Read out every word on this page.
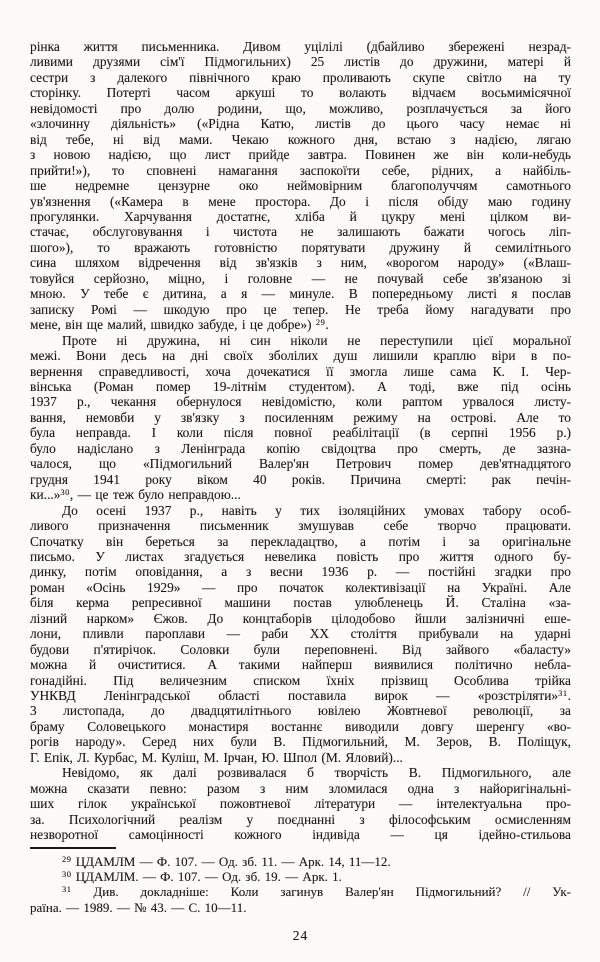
рінка життя письменника. Дивом уцілілі (дбайливо збережені незрад-
ливими друзями сім'ї Підмогильних) 25 листів до дружини, матері й
сестри з далекого північного краю проливають скупе світло на ту
сторінку. Потерті часом аркуші то волають відчаєм восьмимісячної
невідомості про долю родини, що, можливо, розплачується за його
«злочинну діяльність» («Рідна Катю, листів до цього часу немає ні
від тебе, ні від мами. Чекаю кожного дня, встаю з надією, лягаю
з новою надією, що лист прийде завтра. Повинен же він коли-небудь
прийти!»), то сповнені намагання заспокоїти себе, рідних, а найбіль-
ше недремне цензурне око неймовірним благополуччям самотнього
ув'язнення («Камера в мене простора. До і після обіду маю годину
прогулянки. Харчування достатнє, хліба й цукру мені цілком ви-
стачає, обслуговування і чистота не залишають бажати чогось ліп-
шого»), то вражають готовністю порятувати дружину й семилітнього
сина шляхом відречення від зв'язків з ним, «ворогом народу» («Влаш-
товуйся серйозно, міцно, і головне — не почувай себе зв'язаною зі
мною. У тебе є дитина, а я — минуле. В попередньому листі я послав
записку Ромі — шкодую про це тепер. Не треба йому нагадувати про
мене, він ще малий, швидко забуде, і це добре») $^{29}$.
Проте ні дружина, ні син ніколи не переступили цієї моральної
межі. Вони десь на дні своїх зболілих душ лишили краплю віри в по-
вернення справедливості, хоча дочекатися її змогла лише сама К. І. Чер-
вінська (Роман помер 19-літнім студентом). А тоді, вже під осінь
1937 р., чекання обернулося невідомістю, коли раптом урвалося листу-
вання, немовби у зв'язку з посиленням режиму на острові. Але то
була неправда. І коли після повної реабілітації (в серпні 1956 р.)
було надіслано з Ленінграда копію свідоцтва про смерть, де зазна-
чалося, що «Підмогильний Валер'ян Петрович помер дев'ятнадцятого
грудня 1941 року віком 40 років. Причина смерті: рак печін-
ки...»$^{30}$, — це теж було неправдою...
До осені 1937 р., навіть у тих ізоляційних умовах табору особ-
ливого призначення письменник змушував себе творчо працювати.
Спочатку він береться за перекладацтво, а потім і за оригінальне
письмо. У листах згадується невелика повість про життя одного бу-
динку, потім оповідання, а з весни 1936 р. — постійні згадки про
роман «Осінь 1929» — про початок колективізації на Україні. Але
біля керма репресивної машини постав улюбленець Й. Сталіна «за-
лізний нарком» Єжов. До концтаборів цілодобово йшли залізничні еше-
лони, пливли пароплави — раби XX століття прибували на ударні
будови п'ятирічок. Соловки були переповнені. Від зайвого «баласту»
можна й очиститися. А такими найперш виявилися політично небла-
гонадійні. Під величезним списком їхніх прізвищ Особлива трійка
УНКВД Ленінградської області поставила вирок — «розстріляти»$^{31}$.
3 листопада, до двадцятилітнього ювілею Жовтневої революції, за
браму Соловецького монастиря востаннє виводили довгу шеренгу «во-
рогів народу». Серед них були В. Підмогильний, М. Зеров, В. Поліщук,
Г. Епік, Л. Курбас, М. Куліш, М. Ірчан, Ю. Шпол (М. Яловий)...
Невідомо, як далі розвивалася б творчість В. Підмогильного, але
можна сказати певно: разом з ним зломилася одна з найоригінальні-
ших гілок української пожовтневої літератури — інтелектуальна про-
за. Психологічний реалізм у поєднанні з філософським осмисленням
незворотної самоцінності кожного індивіда — ця ідейно-стильова
$^{29}$ ЦДАМЛМ — Ф. 107. — Од. зб. 11. — Арк. 14, 11—12.
$^{30}$ ЦДАМЛМ. — Ф. 107. — Од. зб. 19. — Арк. 1.
$^{31}$ Див. докладніше: Коли загинув Валер'ян Підмогильний? // Ук-
раїна. — 1989. — № 43. — С. 10—11.
24
